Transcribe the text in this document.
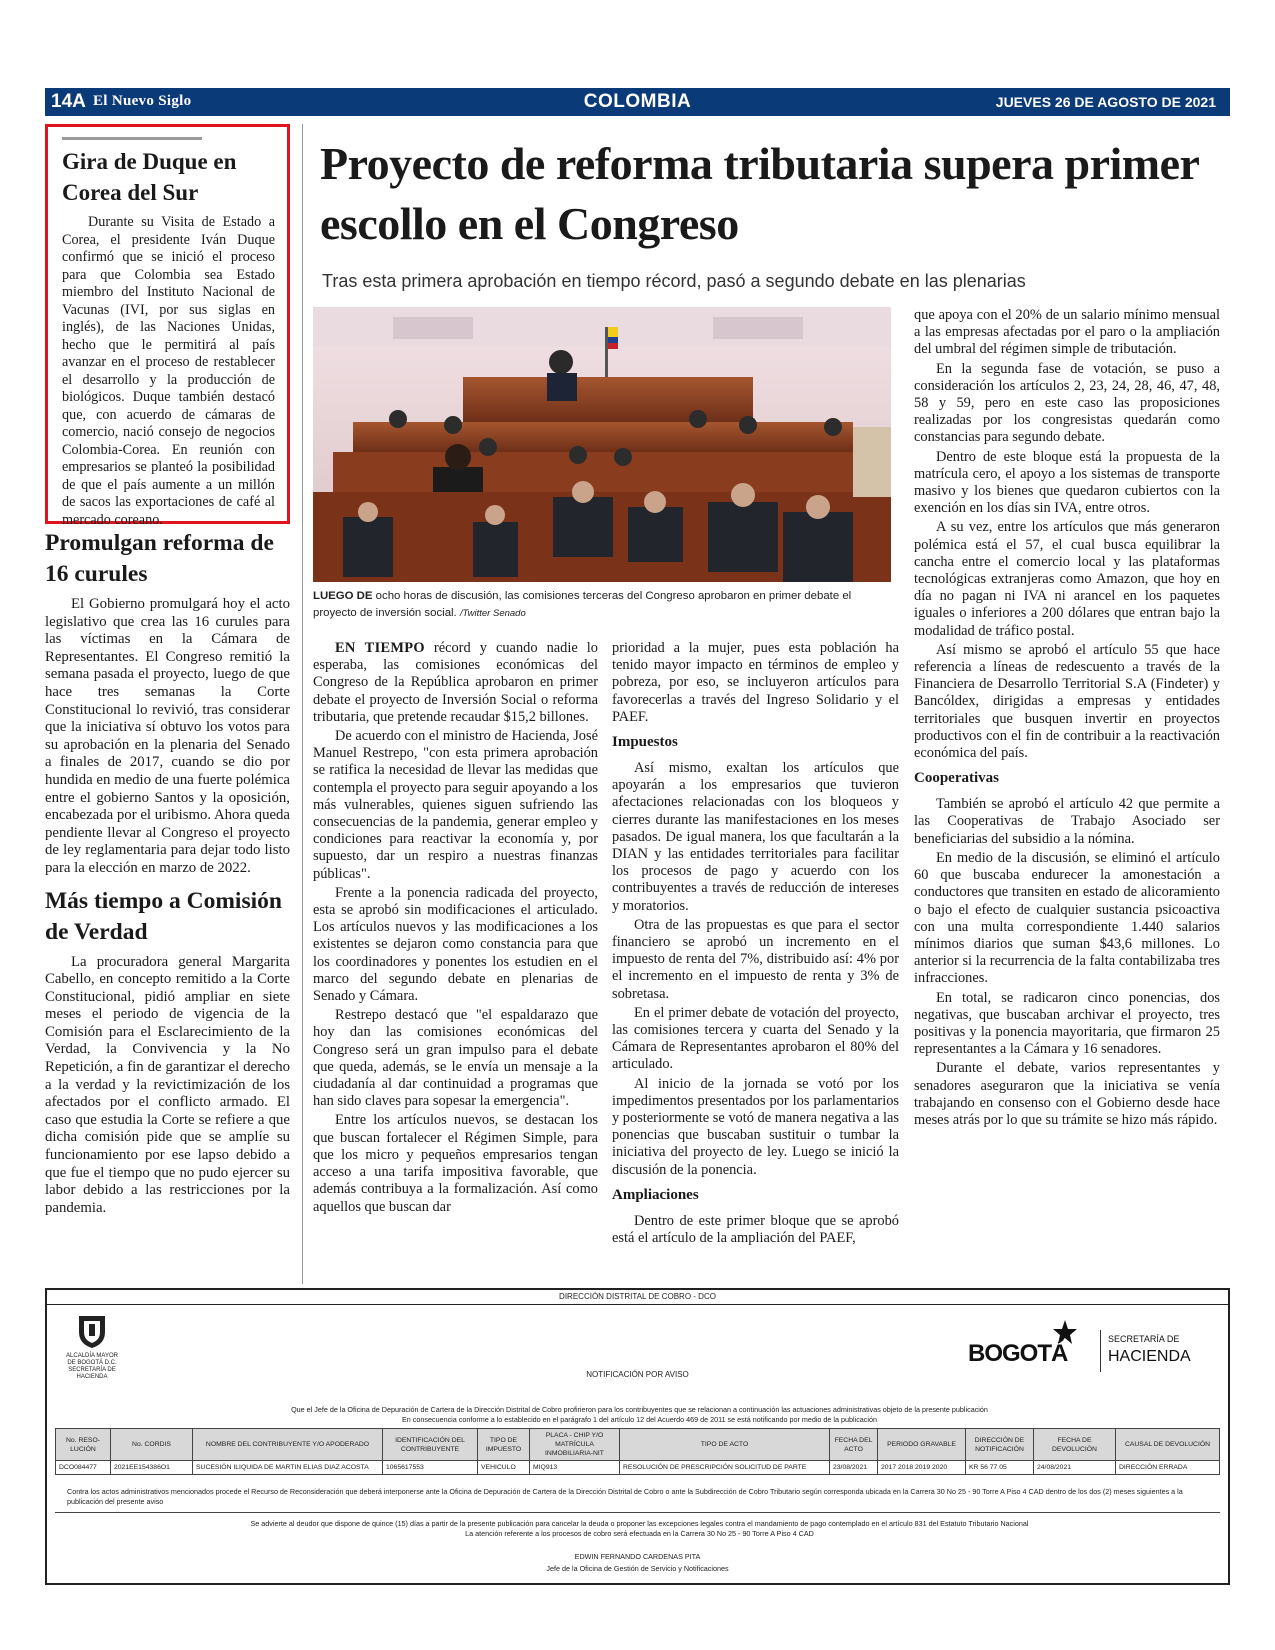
14A El Nuevo Siglo	COLOMBIA	JUEVES 26 DE AGOSTO DE 2021
Gira de Duque en Corea del Sur

Durante su Visita de Estado a Corea, el presidente Iván Duque confirmó que se inició el proceso para que Colombia sea Estado miembro del Instituto Nacional de Vacunas (IVI, por sus siglas en inglés), de las Naciones Unidas, hecho que le permitirá al país avanzar en el proceso de restablecer el desarrollo y la producción de biológicos. Duque también destacó que, con acuerdo de cámaras de comercio, nació consejo de negocios Colombia-Corea. En reunión con empresarios se planteó la posibilidad de que el país aumente a un millón de sacos las exportaciones de café al mercado coreano.

Promulgan reforma de 16 curules

El Gobierno promulgará hoy el acto legislativo que crea las 16 curules para las víctimas en la Cámara de Representantes. El Congreso remitió la semana pasada el proyecto, luego de que hace tres semanas la Corte Constitucional lo revivió, tras considerar que la iniciativa sí obtuvo los votos para su aprobación en la plenaria del Senado a finales de 2017, cuando se dio por hundida en medio de una fuerte polémica entre el gobierno Santos y la oposición, encabezada por el uribismo. Ahora queda pendiente llevar al Congreso el proyecto de ley reglamentaria para dejar todo listo para la elección en marzo de 2022.

Más tiempo a Comisión de Verdad

La procuradora general Margarita Cabello, en concepto remitido a la Corte Constitucional, pidió ampliar en siete meses el periodo de vigencia de la Comisión para el Esclarecimiento de la Verdad, la Convivencia y la No Repetición, a fin de garantizar el derecho a la verdad y la revictimización de los afectados por el conflicto armado. El caso que estudia la Corte se refiere a que dicha comisión pide que se amplíe su funcionamiento por ese lapso debido a que fue el tiempo que no pudo ejercer su labor debido a las restricciones por la pandemia.

Proyecto de reforma tributaria supera primer escollo en el Congreso
Tras esta primera aprobación en tiempo récord, pasó a segundo debate en las plenarias
LUEGO DE ocho horas de discusión, las comisiones terceras del Congreso aprobaron en primer debate el proyecto de inversión social. /Twitter Senado

EN TIEMPO récord y cuando nadie lo esperaba, las comisiones económicas del Congreso de la República aprobaron en primer debate el proyecto de Inversión Social o reforma tributaria, que pretende recaudar $15,2 billones.

De acuerdo con el ministro de Hacienda, José Manuel Restrepo, "con esta primera aprobación se ratifica la necesidad de llevar las medidas que contempla el proyecto para seguir apoyando a los más vulnerables, quienes siguen sufriendo las consecuencias de la pandemia, generar empleo y condiciones para reactivar la economía y, por supuesto, dar un respiro a nuestras finanzas públicas".

Frente a la ponencia radicada del proyecto, esta se aprobó sin modificaciones el articulado. Los artículos nuevos y las modificaciones a los existentes se dejaron como constancia para que los coordinadores y ponentes los estudien en el marco del segundo debate en plenarias de Senado y Cámara.

Restrepo destacó que "el espaldarazo que hoy dan las comisiones económicas del Congreso será un gran impulso para el debate que queda, además, se le envía un mensaje a la ciudadanía al dar continuidad a programas que han sido claves para sopesar la emergencia".

Entre los artículos nuevos, se destacan los que buscan fortalecer el Régimen Simple, para que los micro y pequeños empresarios tengan acceso a una tarifa impositiva favorable, que además contribuya a la formalización. Así como aquellos que buscan dar

prioridad a la mujer, pues esta población ha tenido mayor impacto en términos de empleo y pobreza, por eso, se incluyeron artículos para favorecerlas a través del Ingreso Solidario y el PAEF.

Impuestos

Así mismo, exaltan los artículos que apoyarán a los empresarios que tuvieron afectaciones relacionadas con los bloqueos y cierres durante las manifestaciones en los meses pasados. De igual manera, los que facultarán a la DIAN y las entidades territoriales para facilitar los procesos de pago y acuerdo con los contribuyentes a través de reducción de intereses y moratorios.

Otra de las propuestas es que para el sector financiero se aprobó un incremento en el impuesto de renta del 7%, distribuido así: 4% por el incremento en el impuesto de renta y 3% de sobretasa.

En el primer debate de votación del proyecto, las comisiones tercera y cuarta del Senado y la Cámara de Representantes aprobaron el 80% del articulado.

Al inicio de la jornada se votó por los impedimentos presentados por los parlamentarios y posteriormente se votó de manera negativa a las ponencias que buscaban sustituir o tumbar la iniciativa del proyecto de ley. Luego se inició la discusión de la ponencia.

Ampliaciones

Dentro de este primer bloque que se aprobó está el artículo de la ampliación del PAEF,

que apoya con el 20% de un salario mínimo mensual a las empresas afectadas por el paro o la ampliación del umbral del régimen simple de tributación.

En la segunda fase de votación, se puso a consideración los artículos 2, 23, 24, 28, 46, 47, 48, 58 y 59, pero en este caso las proposiciones realizadas por los congresistas quedarán como constancias para segundo debate.

Dentro de este bloque está la propuesta de la matrícula cero, el apoyo a los sistemas de transporte masivo y los bienes que quedaron cubiertos con la exención en los días sin IVA, entre otros.

A su vez, entre los artículos que más generaron polémica está el 57, el cual busca equilibrar la cancha entre el comercio local y las plataformas tecnológicas extranjeras como Amazon, que hoy en día no pagan ni IVA ni arancel en los paquetes iguales o inferiores a 200 dólares que entran bajo la modalidad de tráfico postal.

Así mismo se aprobó el artículo 55 que hace referencia a líneas de redescuento a través de la Financiera de Desarrollo Territorial S.A (Findeter) y Bancóldex, dirigidas a empresas y entidades territoriales que busquen invertir en proyectos productivos con el fin de contribuir a la reactivación económica del país.

Cooperativas

También se aprobó el artículo 42 que permite a las Cooperativas de Trabajo Asociado ser beneficiarias del subsidio a la nómina.

En medio de la discusión, se eliminó el artículo 60 que buscaba endurecer la amonestación a conductores que transiten en estado de alicoramiento o bajo el efecto de cualquier sustancia psicoactiva con una multa correspondiente 1.440 salarios mínimos diarios que suman $43,6 millones. Lo anterior si la recurrencia de la falta contabilizaba tres infracciones.

En total, se radicaron cinco ponencias, dos negativas, que buscaban archivar el proyecto, tres positivas y la ponencia mayoritaria, que firmaron 25 representantes a la Cámara y 16 senadores.

Durante el debate, varios representantes y senadores aseguraron que la iniciativa se venía trabajando en consenso con el Gobierno desde hace meses atrás por lo que su trámite se hizo más rápido.

DIRECCIÓN DISTRITAL DE COBRO - DCO
ALCALDÍA MAYOR
DE BOGOTÁ D.C.
SECRETARÍA DE HACIENDA	NOTIFICACIÓN POR AVISO
BOGOTÁ
SECRETARÍA DE
HACIENDA
Que el Jefe de la Oficina de Depuración de Cartera de la Dirección Distrital de Cobro profirieron para los contribuyentes que se relacionan a continuación las actuaciones administrativas objeto de la presente publicación
En consecuencia conforme a lo establecido en el parágrafo 1 del artículo 12 del Acuerdo 469 de 2011 se está notificando por medio de la publicación
No. RESO-LUCIÓN	No. CORDIS	NOMBRE DEL CONTRIBUYENTE Y/O APODERADO	IDENTIFICACIÓN DEL CONTRIBUYENTE	TIPO DE IMPUESTO	PLACA - CHIP Y/O MATRÍCULA INMOBILIARIA-NIT	TIPO DE ACTO	FECHA DEL ACTO	PERIODO GRAVABLE	DIRECCIÓN DE NOTIFICACIÓN	FECHA DE DEVOLUCIÓN	CAUSAL DE DEVOLUCIÓN
DCO084477	2021EE154386O1	SUCESIÓN ILIQUIDA DE MARTIN ELIAS DIAZ ACOSTA	1065617553	VEHICULO	MIQ913	RESOLUCIÓN DE PRESCRIPCIÓN SOLICITUD DE PARTE	23/08/2021	2017 2018 2019 2020	KR 56 77 05	24/08/2021	DIRECCIÓN ERRADA
Contra los actos administrativos mencionados procede el Recurso de Reconsideración que deberá interponerse ante la Oficina de Depuración de Cartera de la Dirección Distrital de Cobro o ante la Subdirección de Cobro Tributario según corresponda ubicada en la Carrera 30 No 25 - 90 Torre A Piso 4 CAD dentro de los dos (2) meses siguientes a la publicación del presente aviso
Se advierte al deudor que dispone de quince (15) días a partir de la presente publicación para cancelar la deuda o proponer las excepciones legales contra el mandamiento de pago contemplado en el artículo 831 del Estatuto Tributario Nacional
La atención referente a los procesos de cobro será efectuada en la Carrera 30 No 25 - 90 Torre A Piso 4 CAD
EDWIN FERNANDO CARDENAS PITA
Jefe de la Oficina de Gestión de Servicio y Notificaciones
